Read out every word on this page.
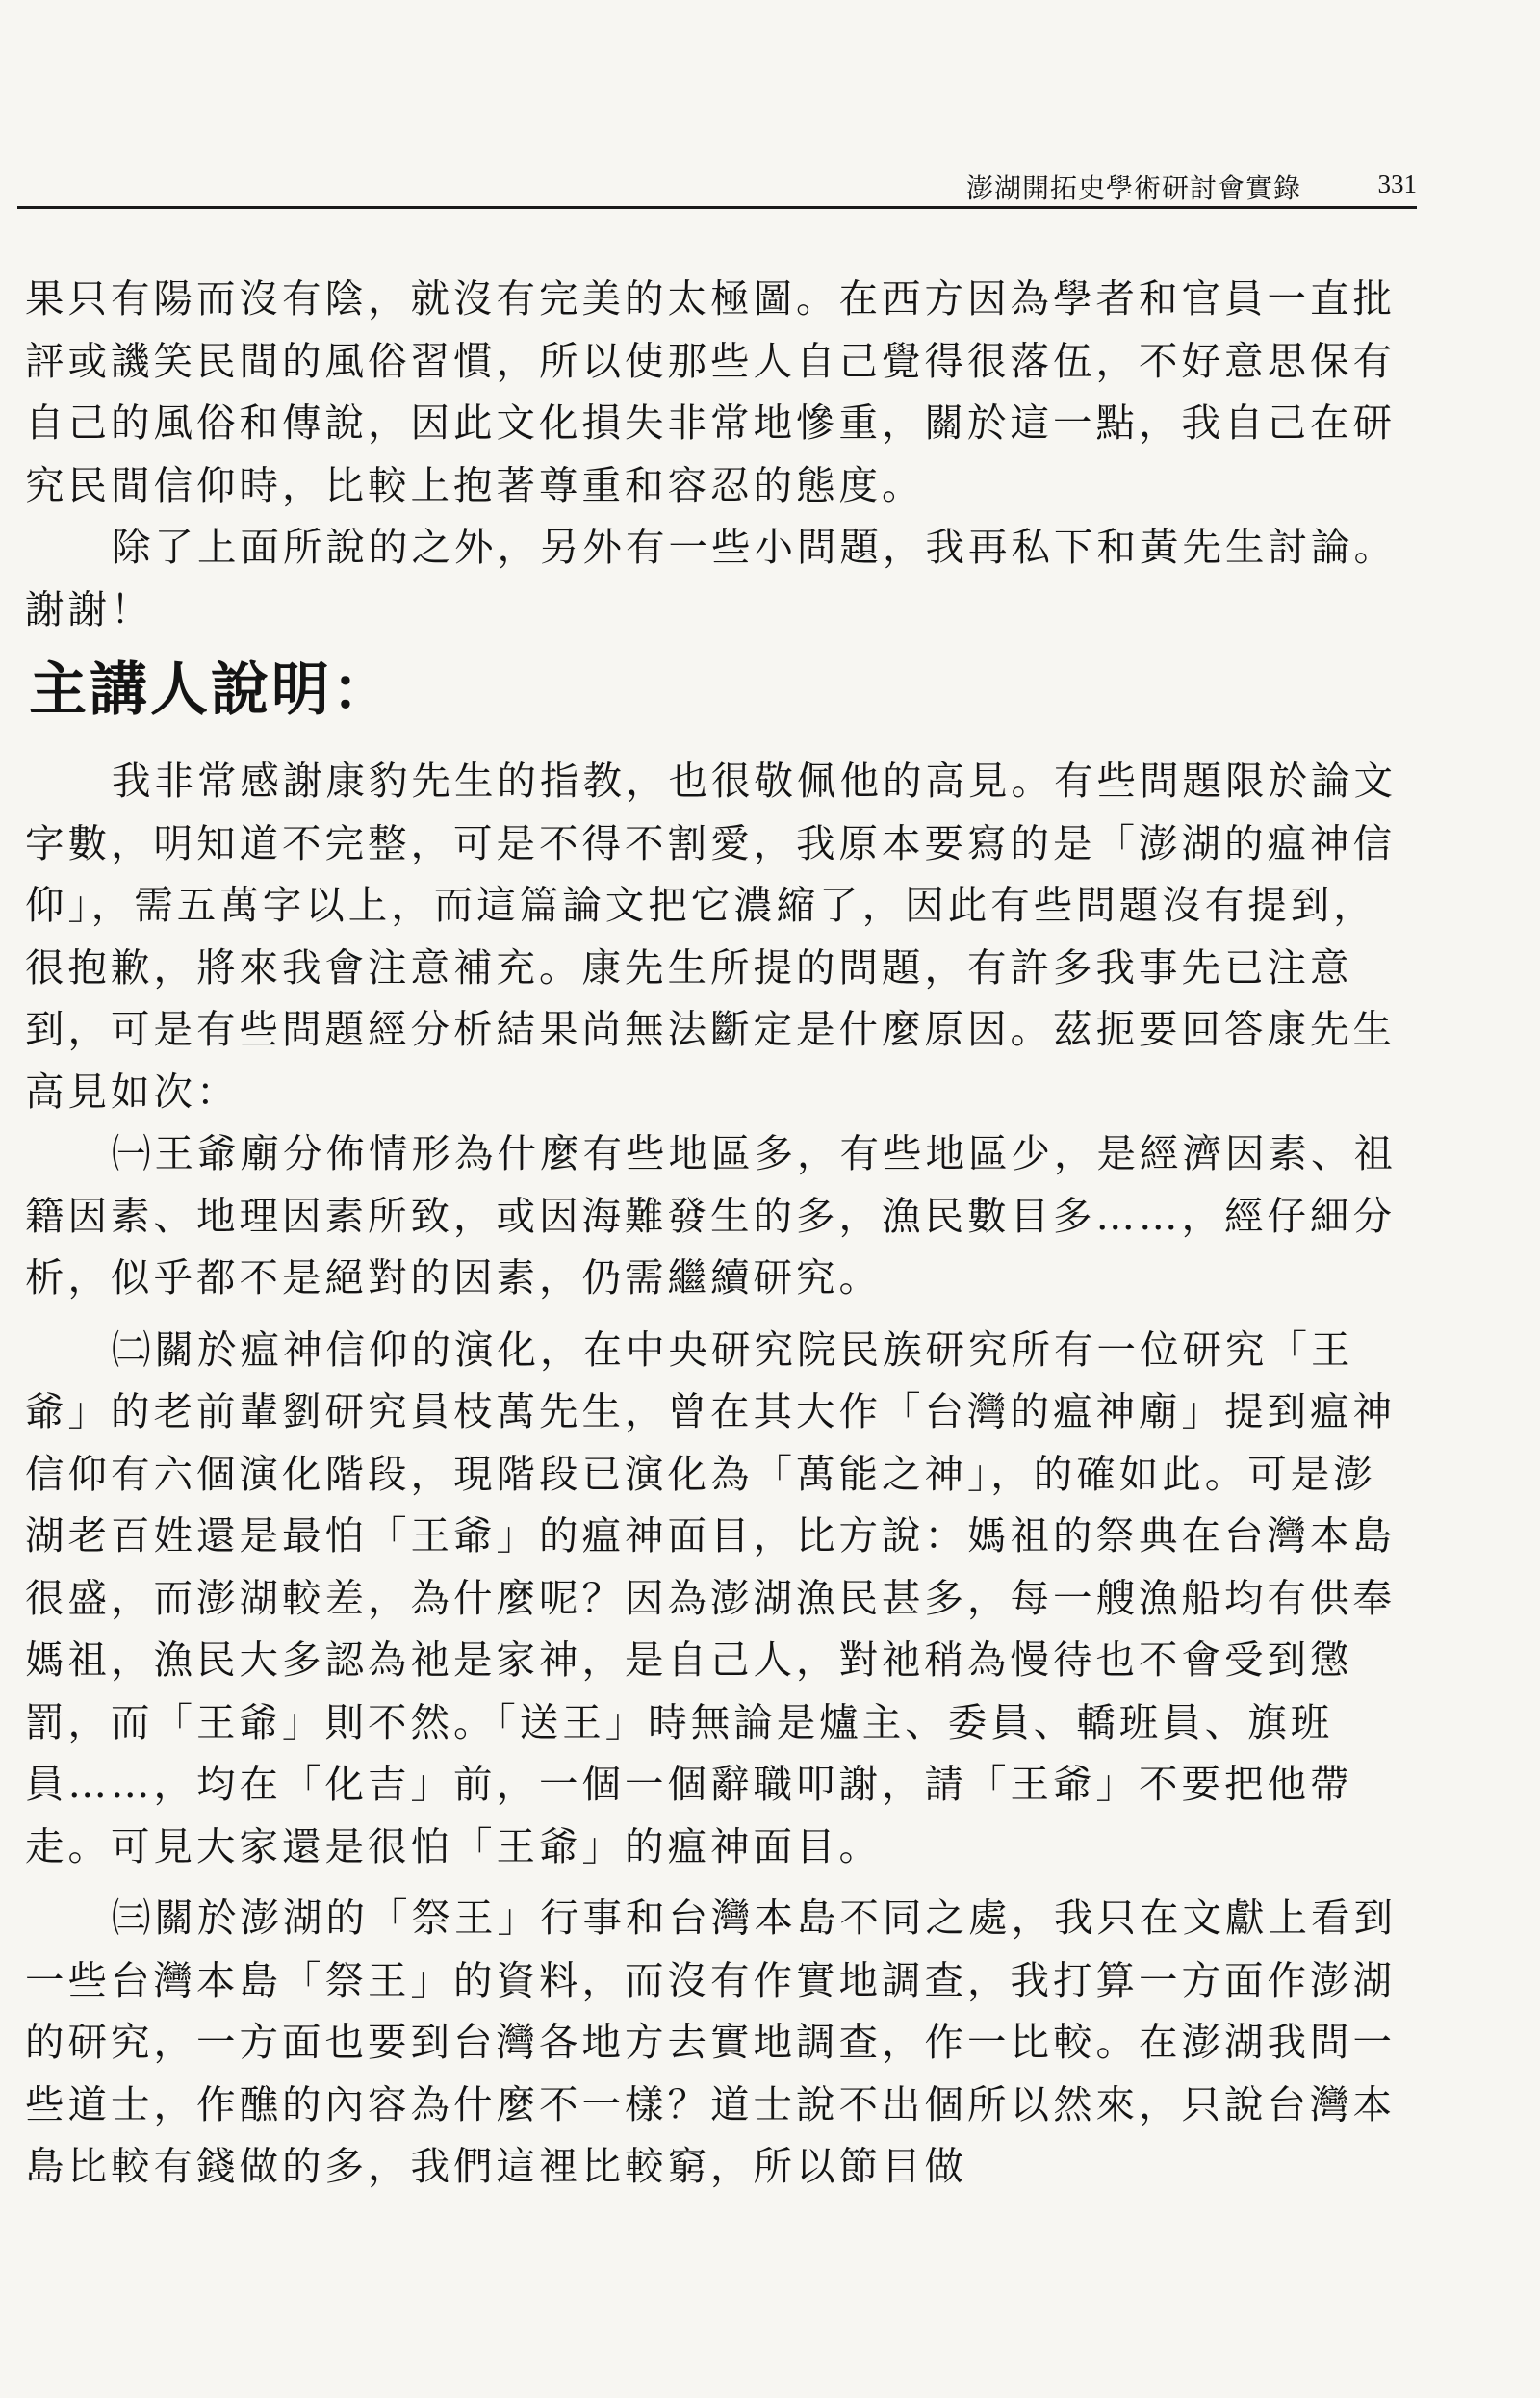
澎湖開拓史學術研討會實錄	331

果只有陽而沒有陰，就沒有完美的太極圖。在西方因為學者和官員一直批評或譏笑民間的風俗習慣，所以使那些人自己覺得很落伍，不好意思保有自己的風俗和傳說，因此文化損失非常地慘重，關於這一點，我自己在研究民間信仰時，比較上抱著尊重和容忍的態度。

除了上面所說的之外，另外有一些小問題，我再私下和黃先生討論。謝謝！

主講人說明：

我非常感謝康豹先生的指教，也很敬佩他的高見。有些問題限於論文字數，明知道不完整，可是不得不割愛，我原本要寫的是「澎湖的瘟神信仰」，需五萬字以上，而這篇論文把它濃縮了，因此有些問題沒有提到，很抱歉，將來我會注意補充。康先生所提的問題，有許多我事先已注意到，可是有些問題經分析結果尚無法斷定是什麼原因。茲扼要回答康先生高見如次：

㈠王爺廟分佈情形為什麼有些地區多，有些地區少，是經濟因素、祖籍因素、地理因素所致，或因海難發生的多，漁民數目多……，經仔細分析，似乎都不是絕對的因素，仍需繼續研究。

㈡關於瘟神信仰的演化，在中央研究院民族研究所有一位研究「王爺」的老前輩劉研究員枝萬先生，曾在其大作「台灣的瘟神廟」提到瘟神信仰有六個演化階段，現階段已演化為「萬能之神」，的確如此。可是澎湖老百姓還是最怕「王爺」的瘟神面目，比方說：媽祖的祭典在台灣本島很盛，而澎湖較差，為什麼呢？因為澎湖漁民甚多，每一艘漁船均有供奉媽祖，漁民大多認為祂是家神，是自己人，對祂稍為慢待也不會受到懲罰，而「王爺」則不然。「送王」時無論是爐主、委員、轎班員、旗班員……，均在「化吉」前，一個一個辭職叩謝，請「王爺」不要把他帶走。可見大家還是很怕「王爺」的瘟神面目。

㈢關於澎湖的「祭王」行事和台灣本島不同之處，我只在文獻上看到一些台灣本島「祭王」的資料，而沒有作實地調查，我打算一方面作澎湖的研究，一方面也要到台灣各地方去實地調查，作一比較。在澎湖我問一些道士，作醮的內容為什麼不一樣？道士說不出個所以然來，只說台灣本島比較有錢做的多，我們這裡比較窮，所以節目做
